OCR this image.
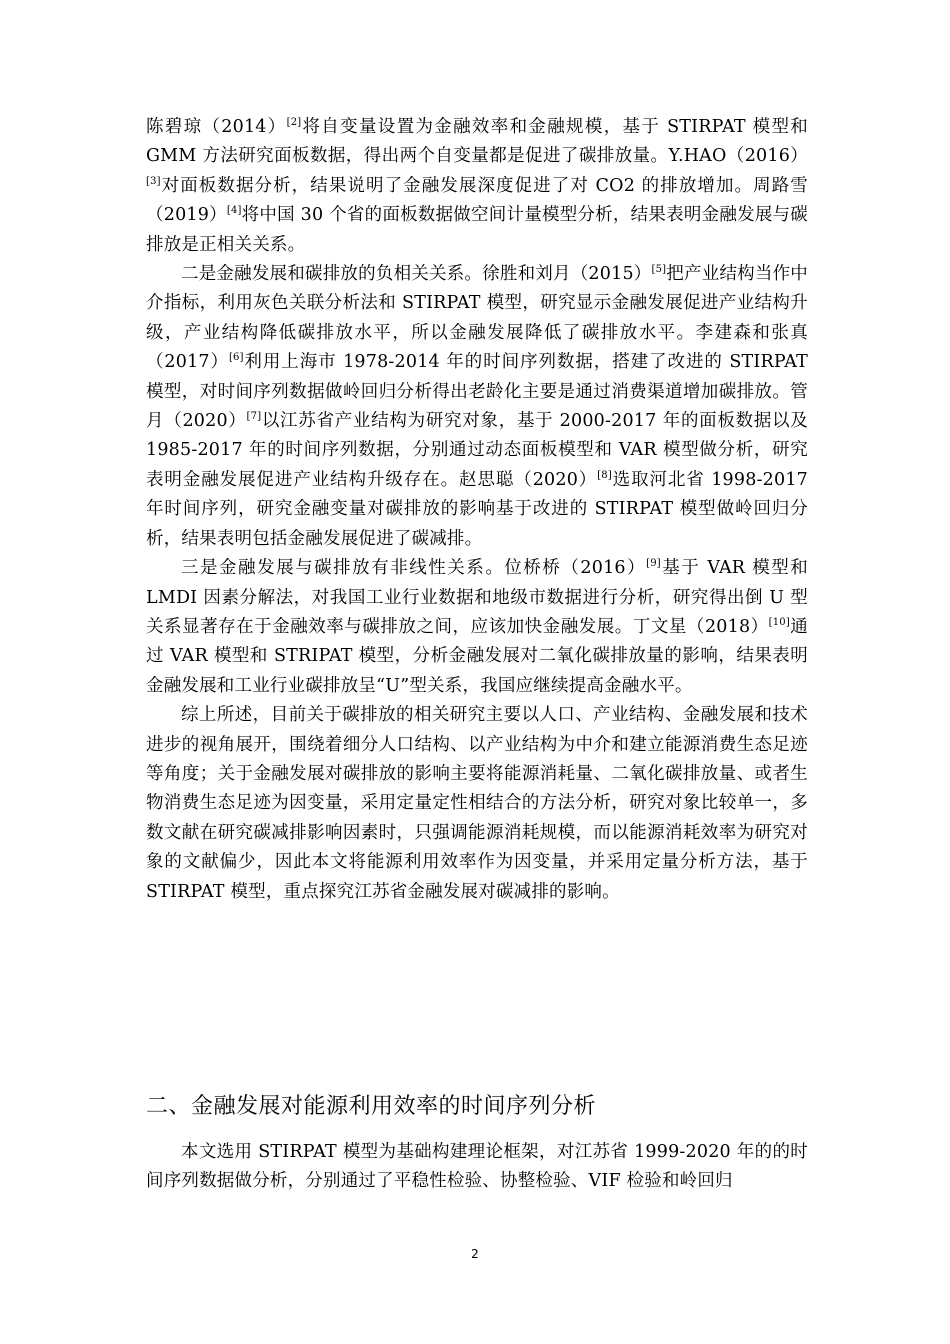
陈碧琼（2014）[2]将自变量设置为金融效率和金融规模，基于 STIRPAT 模型和 GMM 方法研究面板数据，得出两个自变量都是促进了碳排放量。Y.HAO（2016）[3]对面板数据分析，结果说明了金融发展深度促进了对 CO2 的排放增加。周路雪（2019）[4]将中国 30 个省的面板数据做空间计量模型分析，结果表明金融发展与碳排放是正相关关系。

二是金融发展和碳排放的负相关关系。徐胜和刘月（2015）[5]把产业结构当作中介指标，利用灰色关联分析法和 STIRPAT 模型，研究显示金融发展促进产业结构升级，产业结构降低碳排放水平，所以金融发展降低了碳排放水平。李建森和张真（2017）[6]利用上海市 1978-2014 年的时间序列数据，搭建了改进的 STIRPAT 模型，对时间序列数据做岭回归分析得出老龄化主要是通过消费渠道增加碳排放。管月（2020）[7]以江苏省产业结构为研究对象，基于 2000-2017 年的面板数据以及 1985-2017 年的时间序列数据，分别通过动态面板模型和 VAR 模型做分析，研究表明金融发展促进产业结构升级存在。赵思聪（2020）[8]选取河北省 1998-2017 年时间序列，研究金融变量对碳排放的影响基于改进的 STIRPAT 模型做岭回归分析，结果表明包括金融发展促进了碳减排。

三是金融发展与碳排放有非线性关系。位桥桥（2016）[9]基于 VAR 模型和 LMDI 因素分解法，对我国工业行业数据和地级市数据进行分析，研究得出倒 U 型关系显著存在于金融效率与碳排放之间，应该加快金融发展。丁文星（2018）[10]通过 VAR 模型和 STRIPAT 模型，分析金融发展对二氧化碳排放量的影响，结果表明金融发展和工业行业碳排放呈“U”型关系，我国应继续提高金融水平。

综上所述，目前关于碳排放的相关研究主要以人口、产业结构、金融发展和技术进步的视角展开，围绕着细分人口结构、以产业结构为中介和建立能源消费生态足迹等角度；关于金融发展对碳排放的影响主要将能源消耗量、二氧化碳排放量、或者生物消费生态足迹为因变量，采用定量定性相结合的方法分析，研究对象比较单一，多数文献在研究碳减排影响因素时，只强调能源消耗规模，而以能源消耗效率为研究对象的文献偏少，因此本文将能源利用效率作为因变量，并采用定量分析方法，基于 STIRPAT 模型，重点探究江苏省金融发展对碳减排的影响。

二、金融发展对能源利用效率的时间序列分析

本文选用 STIRPAT 模型为基础构建理论框架，对江苏省 1999-2020 年的的时间序列数据做分析，分别通过了平稳性检验、协整检验、VIF 检验和岭回归

2
